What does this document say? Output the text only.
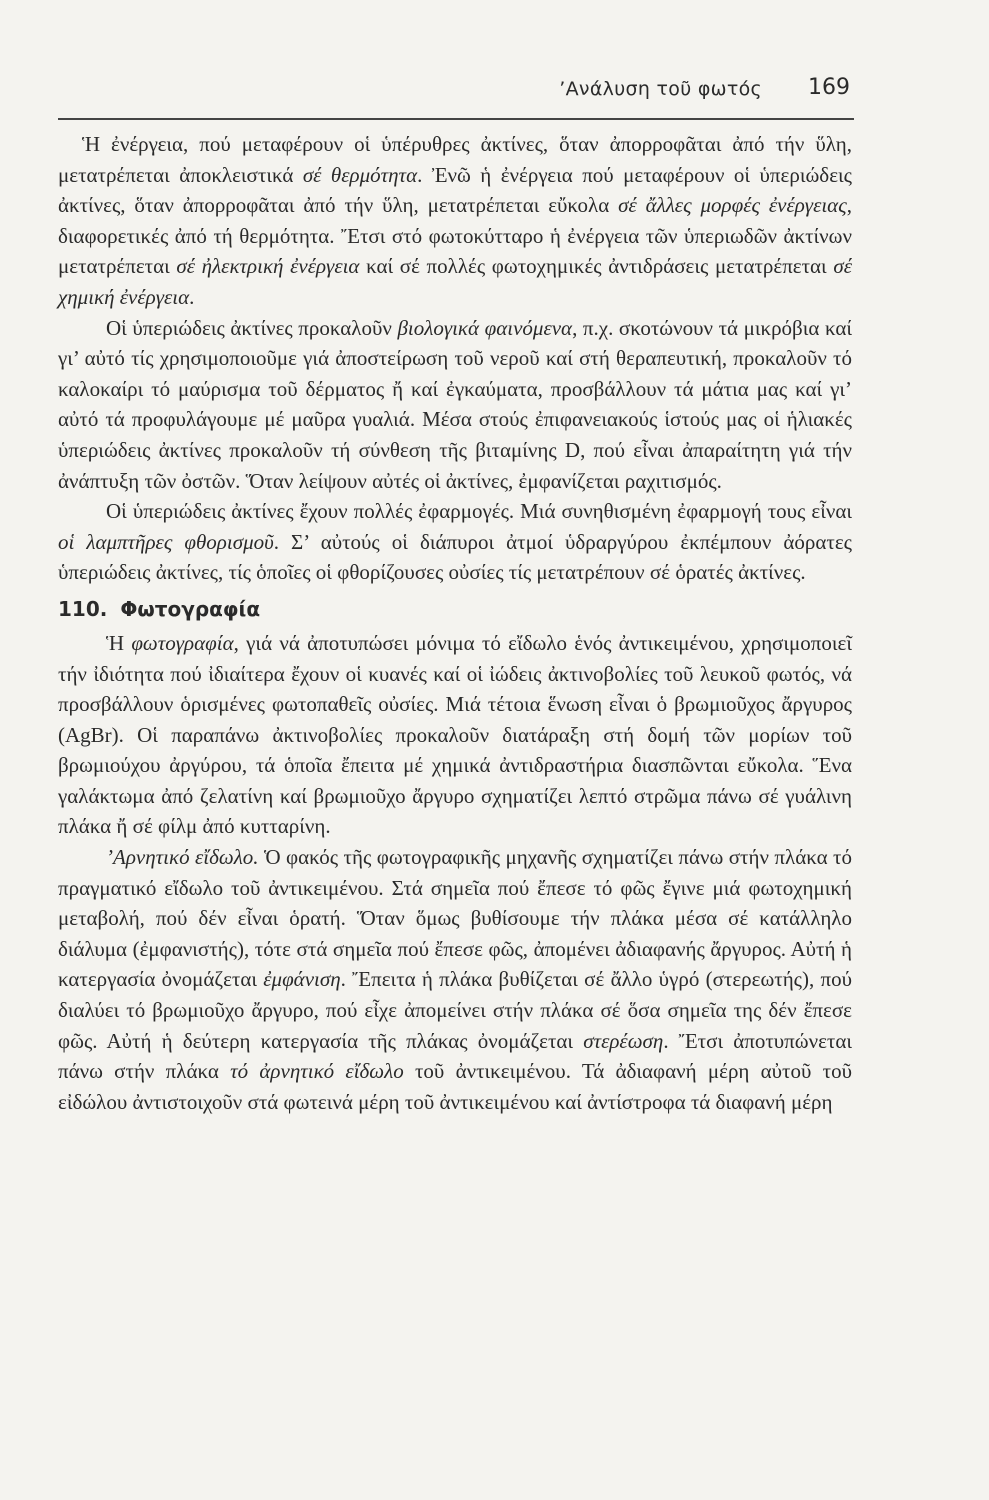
’Ανάλυση τοῦ φωτός 169

Ἡ ἐνέργεια, πού μεταφέρουν οἱ ὑπέρυθρες ἀκτίνες, ὅταν ἀπορροφᾶται ἀπό τήν ὕλη, μετατρέπεται ἀποκλειστικά σέ θερμότητα. Ἐνῶ ἡ ἐνέργεια πού μεταφέρουν οἱ ὑπεριώδεις ἀκτίνες, ὅταν ἀπορροφᾶται ἀπό τήν ὕλη, μετατρέπεται εὔκολα σέ ἄλλες μορφές ἐνέργειας, διαφορετικές ἀπό τή θερμότητα. Ἔτσι στό φωτοκύτταρο ἡ ἐνέργεια τῶν ὑπεριωδῶν ἀκτίνων μετατρέπεται σέ ἠλεκτρική ἐνέργεια καί σέ πολλές φωτοχημικές ἀντιδράσεις μετατρέπεται σέ χημική ἐνέργεια.

Οἱ ὑπεριώδεις ἀκτίνες προκαλοῦν βιολογικά φαινόμενα, π.χ. σκοτώνουν τά μικρόβια καί γι’ αὐτό τίς χρησιμοποιοῦμε γιά ἀποστείρωση τοῦ νεροῦ καί στή θεραπευτική, προκαλοῦν τό καλοκαίρι τό μαύρισμα τοῦ δέρματος ἤ καί ἐγκαύματα, προσβάλλουν τά μάτια μας καί γι’ αὐτό τά προφυλάγουμε μέ μαῦρα γυαλιά. Μέσα στούς ἐπιφανειακούς ἱστούς μας οἱ ἡλιακές ὑπεριώδεις ἀκτίνες προκαλοῦν τή σύνθεση τῆς βιταμίνης D, πού εἶναι ἀπαραίτητη γιά τήν ἀνάπτυξη τῶν ὀστῶν. Ὅταν λείψουν αὐτές οἱ ἀκτίνες, ἐμφανίζεται ραχιτισμός.

Οἱ ὑπεριώδεις ἀκτίνες ἔχουν πολλές ἐφαρμογές. Μιά συνηθισμένη ἐφαρμογή τους εἶναι οἱ λαμπτῆρες φθορισμοῦ. Σ’ αὐτούς οἱ διάπυροι ἀτμοί ὑδραργύρου ἐκπέμπουν ἀόρατες ὑπεριώδεις ἀκτίνες, τίς ὁποῖες οἱ φθορίζουσες οὐσίες τίς μετατρέπουν σέ ὁρατές ἀκτίνες.

110. Φωτογραφία

Ἡ φωτογραφία, γιά νά ἀποτυπώσει μόνιμα τό εἴδωλο ἑνός ἀντικειμένου, χρησιμοποιεῖ τήν ἰδιότητα πού ἰδιαίτερα ἔχουν οἱ κυανές καί οἱ ἰώδεις ἀκτινοβολίες τοῦ λευκοῦ φωτός, νά προσβάλλουν ὁρισμένες φωτοπαθεῖς οὐσίες. Μιά τέτοια ἕνωση εἶναι ὁ βρωμιοῦχος ἄργυρος (AgBr). Οἱ παραπάνω ἀκτινοβολίες προκαλοῦν διατάραξη στή δομή τῶν μορίων τοῦ βρωμιούχου ἀργύρου, τά ὁποῖα ἔπειτα μέ χημικά ἀντιδραστήρια διασπῶνται εὔκολα. Ἕνα γαλάκτωμα ἀπό ζελατίνη καί βρωμιοῦχο ἄργυρο σχηματίζει λεπτό στρῶμα πάνω σέ γυάλινη πλάκα ἤ σέ φίλμ ἀπό κυτταρίνη.

’Αρνητικό εἴδωλο. Ὁ φακός τῆς φωτογραφικῆς μηχανῆς σχηματίζει πάνω στήν πλάκα τό πραγματικό εἴδωλο τοῦ ἀντικειμένου. Στά σημεῖα πού ἔπεσε τό φῶς ἔγινε μιά φωτοχημική μεταβολή, πού δέν εἶναι ὁρατή. Ὅταν ὅμως βυθίσουμε τήν πλάκα μέσα σέ κατάλληλο διάλυμα (ἐμφανιστής), τότε στά σημεῖα πού ἔπεσε φῶς, ἀπομένει ἀδιαφανής ἄργυρος. Αὐτή ἡ κατεργασία ὀνομάζεται ἐμφάνιση. Ἔπειτα ἡ πλάκα βυθίζεται σέ ἄλλο ὑγρό (στερεωτής), πού διαλύει τό βρωμιοῦχο ἄργυρο, πού εἶχε ἀπομείνει στήν πλάκα σέ ὅσα σημεῖα της δέν ἔπεσε φῶς. Αὐτή ἡ δεύτερη κατεργασία τῆς πλάκας ὀνομάζεται στερέωση. Ἔτσι ἀποτυπώνεται πάνω στήν πλάκα τό ἀρνητικό εἴδωλο τοῦ ἀντικειμένου. Τά ἀδιαφανή μέρη αὐτοῦ τοῦ εἰδώλου ἀντιστοιχοῦν στά φωτεινά μέρη τοῦ ἀντικειμένου καί ἀντίστροφα τά διαφανή μέρη
